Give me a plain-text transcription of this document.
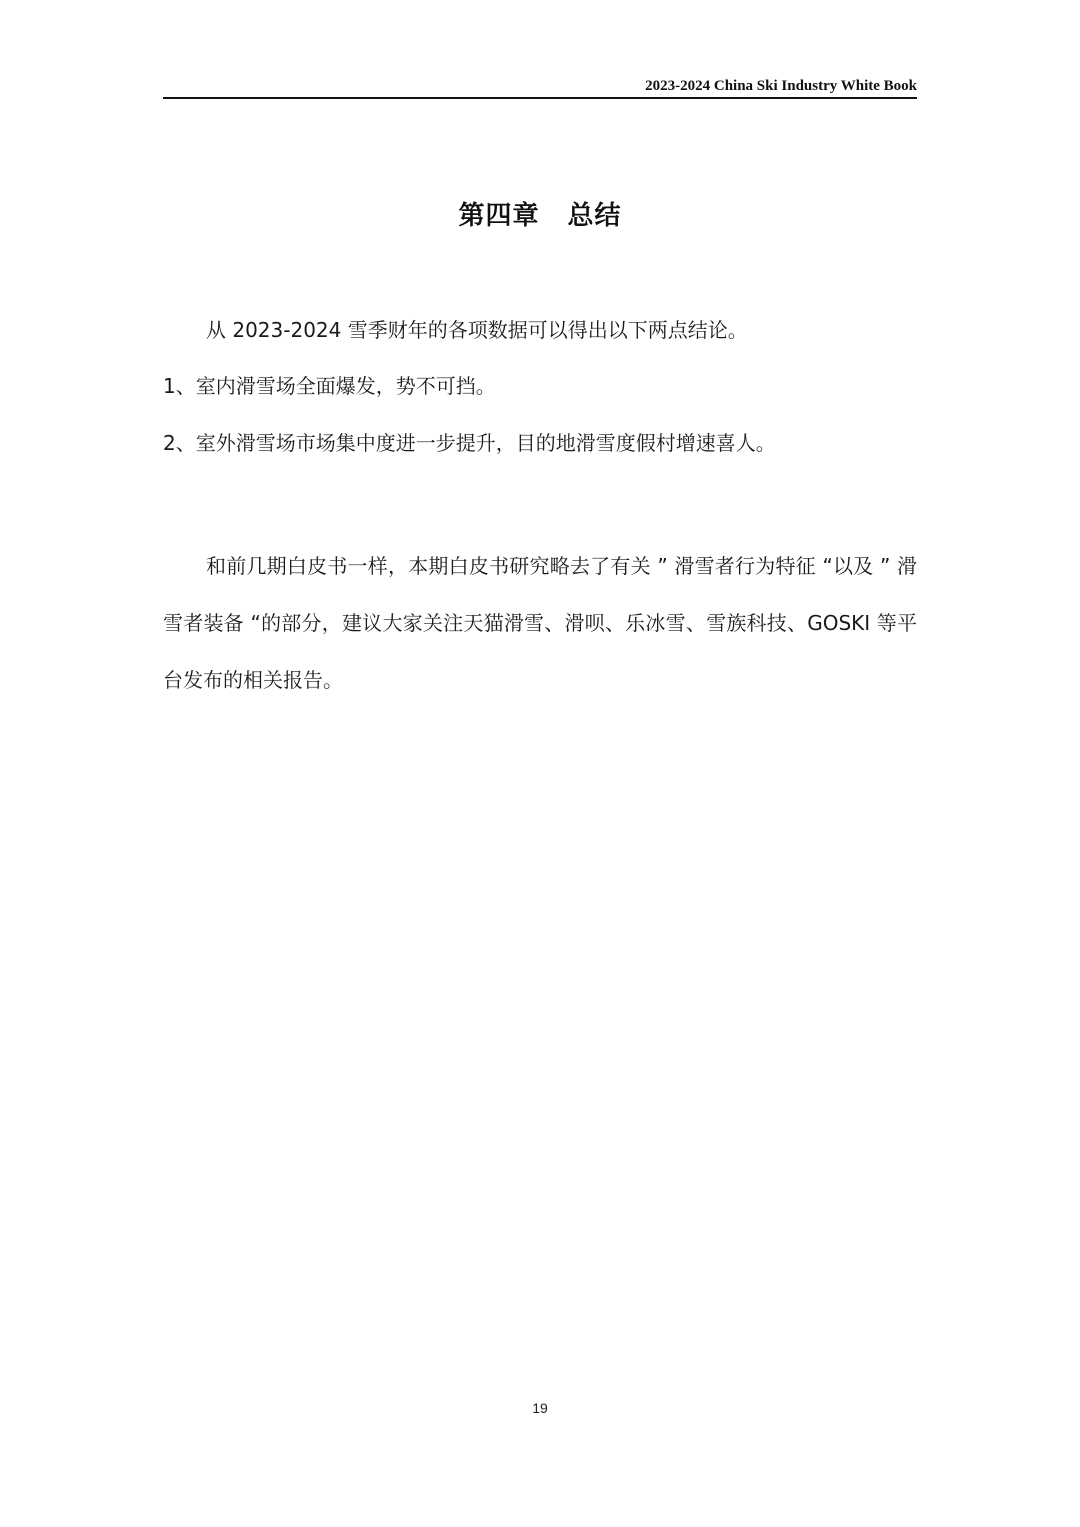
2023-2024 China Ski Industry White Book
第四章 总结

从 2023-2024 雪季财年的各项数据可以得出以下两点结论。

1、室内滑雪场全面爆发，势不可挡。

2、室外滑雪场市场集中度进一步提升，目的地滑雪度假村增速喜人。

和前几期白皮书一样，本期白皮书研究略去了有关 ” 滑雪者行为特征 “以及 ” 滑雪者装备 “的部分，建议大家关注天猫滑雪、滑呗、乐冰雪、雪族科技、GOSKI 等平台发布的相关报告。

19
